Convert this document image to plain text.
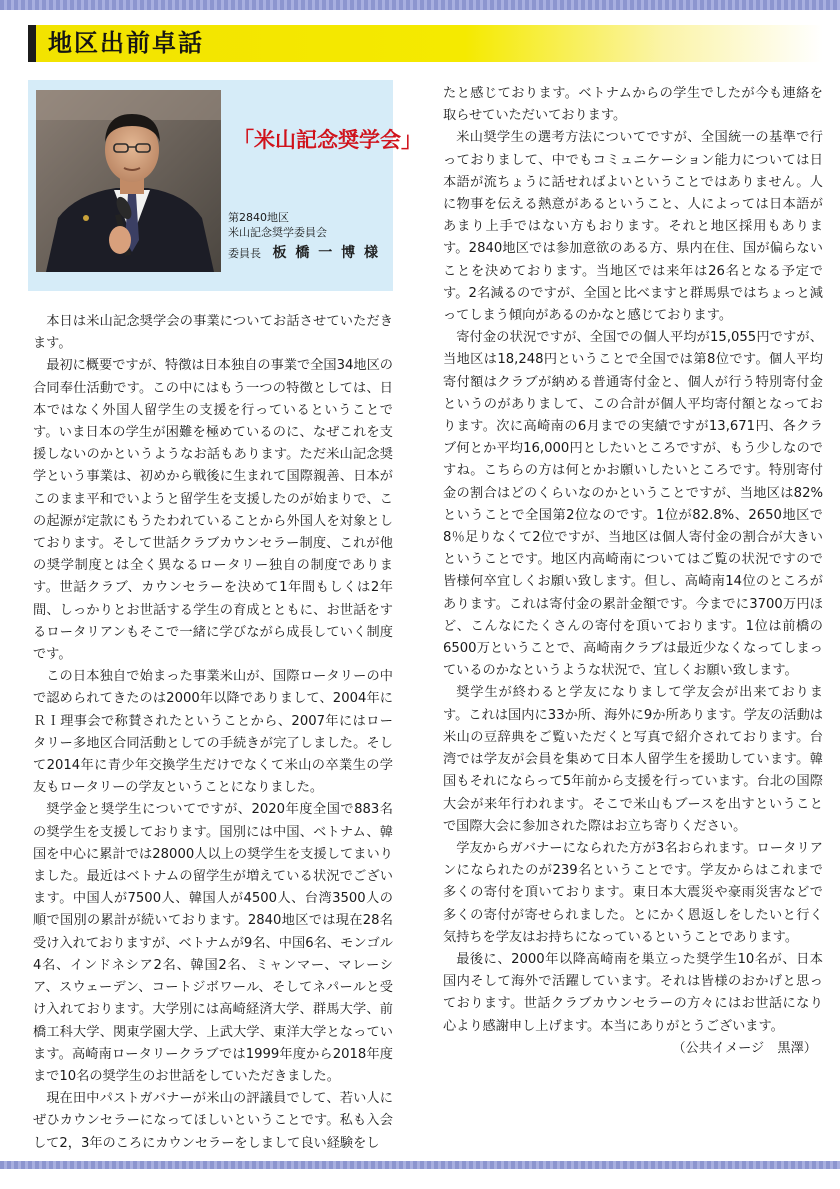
地区出前卓話
「米山記念奨学会」
第2840地区
米山記念奨学委員会
委員長 板 橋 一 博 様

本日は米山記念奨学会の事業についてお話させていただきます。

最初に概要ですが、特徴は日本独自の事業で全国34地区の合同奉仕活動です。この中にはもう一つの特徴としては、日本ではなく外国人留学生の支援を行っているということです。いま日本の学生が困難を極めているのに、なぜこれを支援しないのかというようなお話もあります。ただ米山記念奨学という事業は、初めから戦後に生まれて国際親善、日本がこのまま平和でいようと留学生を支援したのが始まりで、この起源が定款にもうたわれていることから外国人を対象としております。そして世話クラブカウンセラー制度、これが他の奨学制度とは全く異なるロータリー独自の制度であります。世話クラブ、カウンセラーを決めて1年間もしくは2年間、しっかりとお世話する学生の育成とともに、お世話をするロータリアンもそこで一緒に学びながら成長していく制度です。

この日本独自で始まった事業米山が、国際ロータリーの中で認められてきたのは2000年以降でありまして、2004年にＲＩ理事会で称賛されたということから、2007年にはロータリー多地区合同活動としての手続きが完了しました。そして2014年に青少年交換学生だけでなくて米山の卒業生の学友もロータリーの学友ということになりました。

奨学金と奨学生についてですが、2020年度全国で883名の奨学生を支援しております。国別には中国、ベトナム、韓国を中心に累計では28000人以上の奨学生を支援してまいりました。最近はベトナムの留学生が増えている状況でございます。中国人が7500人、韓国人が4500人、台湾3500人の順で国別の累計が続いております。2840地区では現在28名受け入れておりますが、ベトナムが9名、中国6名、モンゴル4名、インドネシア2名、韓国2名、ミャンマー、マレーシア、スウェーデン、コートジボワール、そしてネパールと受け入れております。大学別には高崎経済大学、群馬大学、前橋工科大学、関東学園大学、上武大学、東洋大学となっています。高崎南ロータリークラブでは1999年度から2018年度まで10名の奨学生のお世話をしていただきました。

現在田中パストガバナーが米山の評議員でして、若い人にぜひカウンセラーになってほしいということです。私も入会して2，3年のころにカウンセラーをしまして良い経験をし

たと感じております。ベトナムからの学生でしたが今も連絡を取らせていただいております。

米山奨学生の選考方法についてですが、全国統一の基準で行っておりまして、中でもコミュニケーション能力については日本語が流ちょうに話せればよいということではありません。人に物事を伝える熱意があるということ、人によっては日本語があまり上手ではない方もおります。それと地区採用もあります。2840地区では参加意欲のある方、県内在住、国が偏らないことを決めております。当地区では来年は26名となる予定です。2名減るのですが、全国と比べますと群馬県ではちょっと減ってしまう傾向があるのかなと感じております。

寄付金の状況ですが、全国での個人平均が15,055円ですが、当地区は18,248円ということで全国では第8位です。個人平均寄付額はクラブが納める普通寄付金と、個人が行う特別寄付金というのがありまして、この合計が個人平均寄付額となっております。次に高崎南の6月までの実績ですが13,671円、各クラブ何とか平均16,000円としたいところですが、もう少しなのですね。こちらの方は何とかお願いしたいところです。特別寄付金の割合はどのくらいなのかということですが、当地区は82%ということで全国第2位なのです。1位が82.8%、2650地区で8％足りなくて2位ですが、当地区は個人寄付金の割合が大きいということです。地区内高崎南についてはご覧の状況ですので皆様何卒宜しくお願い致します。但し、高崎南14位のところがあります。これは寄付金の累計金額です。今までに3700万円ほど、こんなにたくさんの寄付を頂いております。1位は前橋の6500万ということで、高崎南クラブは最近少なくなってしまっているのかなというような状況で、宜しくお願い致します。

奨学生が終わると学友になりまして学友会が出来ております。これは国内に33か所、海外に9か所あります。学友の活動は米山の豆辞典をご覧いただくと写真で紹介されております。台湾では学友が会員を集めて日本人留学生を援助しています。韓国もそれにならって5年前から支援を行っています。台北の国際大会が来年行われます。そこで米山もブースを出すということで国際大会に参加された際はお立ち寄りください。

学友からガバナーになられた方が3名おられます。ロータリアンになられたのが239名ということです。学友からはこれまで多くの寄付を頂いております。東日本大震災や豪雨災害などで多くの寄付が寄せられました。とにかく恩返しをしたいと行く気持ちを学友はお持ちになっているということであります。

最後に、2000年以降高崎南を巣立った奨学生10名が、日本国内そして海外で活躍しています。それは皆様のおかげと思っております。世話クラブカウンセラーの方々にはお世話になり心より感謝申し上げます。本当にありがとうございます。

（公共イメージ　黒澤）
